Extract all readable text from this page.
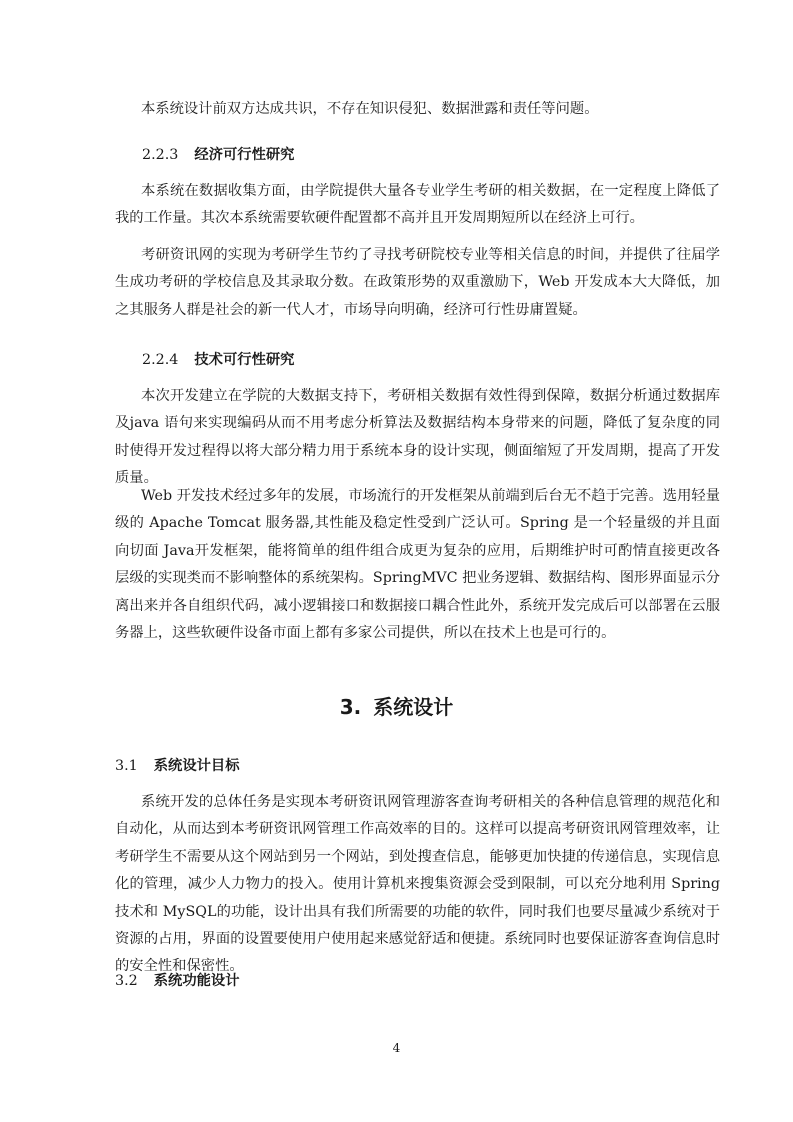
本系统设计前双方达成共识，不存在知识侵犯、数据泄露和责任等问题。

2.2.3 经济可行性研究

本系统在数据收集方面，由学院提供大量各专业学生考研的相关数据，在一定程度上降低了我的工作量。其次本系统需要软硬件配置都不高并且开发周期短所以在经济上可行。

考研资讯网的实现为考研学生节约了寻找考研院校专业等相关信息的时间，并提供了往届学生成功考研的学校信息及其录取分数。在政策形势的双重激励下，Web 开发成本大大降低，加之其服务人群是社会的新一代人才，市场导向明确，经济可行性毋庸置疑。

2.2.4 技术可行性研究

本次开发建立在学院的大数据支持下，考研相关数据有效性得到保障，数据分析通过数据库及java 语句来实现编码从而不用考虑分析算法及数据结构本身带来的问题，降低了复杂度的同时使得开发过程得以将大部分精力用于系统本身的设计实现，侧面缩短了开发周期，提高了开发质量。

Web 开发技术经过多年的发展，市场流行的开发框架从前端到后台无不趋于完善。选用轻量级的 Apache Tomcat 服务器,其性能及稳定性受到广泛认可。Spring 是一个轻量级的并且面向切面 Java开发框架，能将简单的组件组合成更为复杂的应用，后期维护时可酌情直接更改各层级的实现类而不影响整体的系统架构。SpringMVC 把业务逻辑、数据结构、图形界面显示分离出来并各自组织代码，减小逻辑接口和数据接口耦合性此外，系统开发完成后可以部署在云服务器上，这些软硬件设备市面上都有多家公司提供，所以在技术上也是可行的。

3. 系统设计
3.1 系统设计目标

系统开发的总体任务是实现本考研资讯网管理游客查询考研相关的各种信息管理的规范化和自动化，从而达到本考研资讯网管理工作高效率的目的。这样可以提高考研资讯网管理效率，让考研学生不需要从这个网站到另一个网站，到处搜查信息，能够更加快捷的传递信息，实现信息化的管理，减少人力物力的投入。使用计算机来搜集资源会受到限制，可以充分地利用 Spring 技术和 MySQL的功能，设计出具有我们所需要的功能的软件，同时我们也要尽量减少系统对于资源的占用，界面的设置要使用户使用起来感觉舒适和便捷。系统同时也要保证游客查询信息时的安全性和保密性。

3.2 系统功能设计
4
